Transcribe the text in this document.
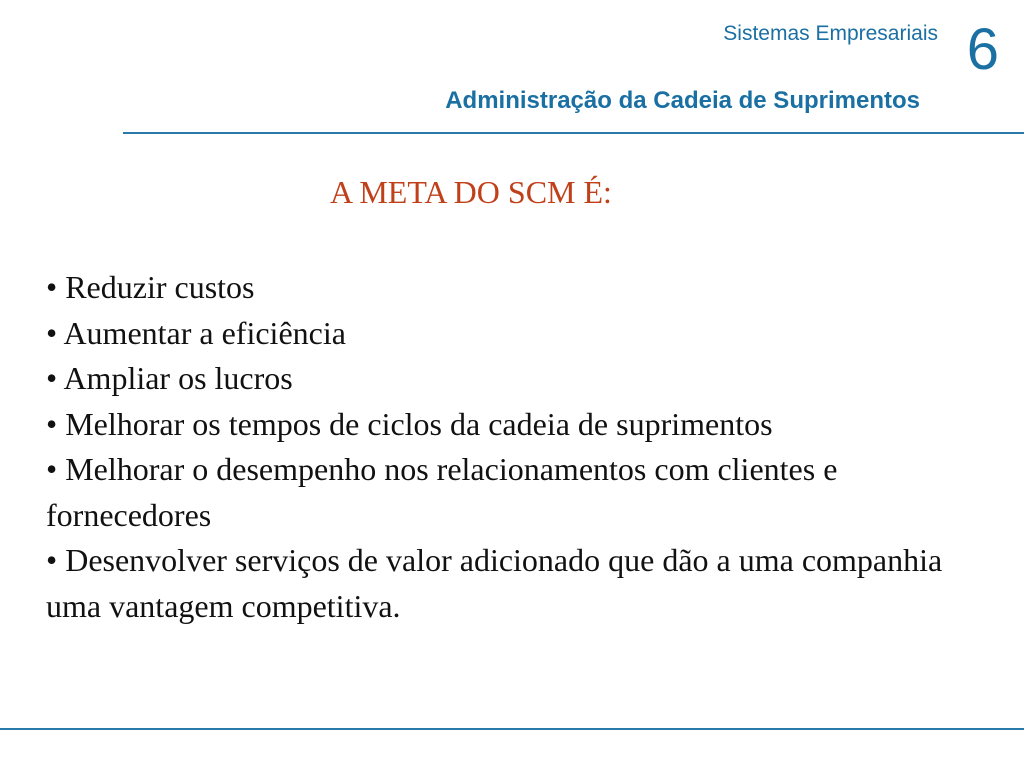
Sistemas Empresariais 6
Administração da Cadeia de Suprimentos
A META DO SCM É:
• Reduzir custos
• Aumentar a eficiência
• Ampliar os lucros
• Melhorar os tempos de ciclos da cadeia de suprimentos
• Melhorar o desempenho nos relacionamentos com clientes e fornecedores
• Desenvolver serviços de valor adicionado que dão a uma companhia uma vantagem competitiva.
